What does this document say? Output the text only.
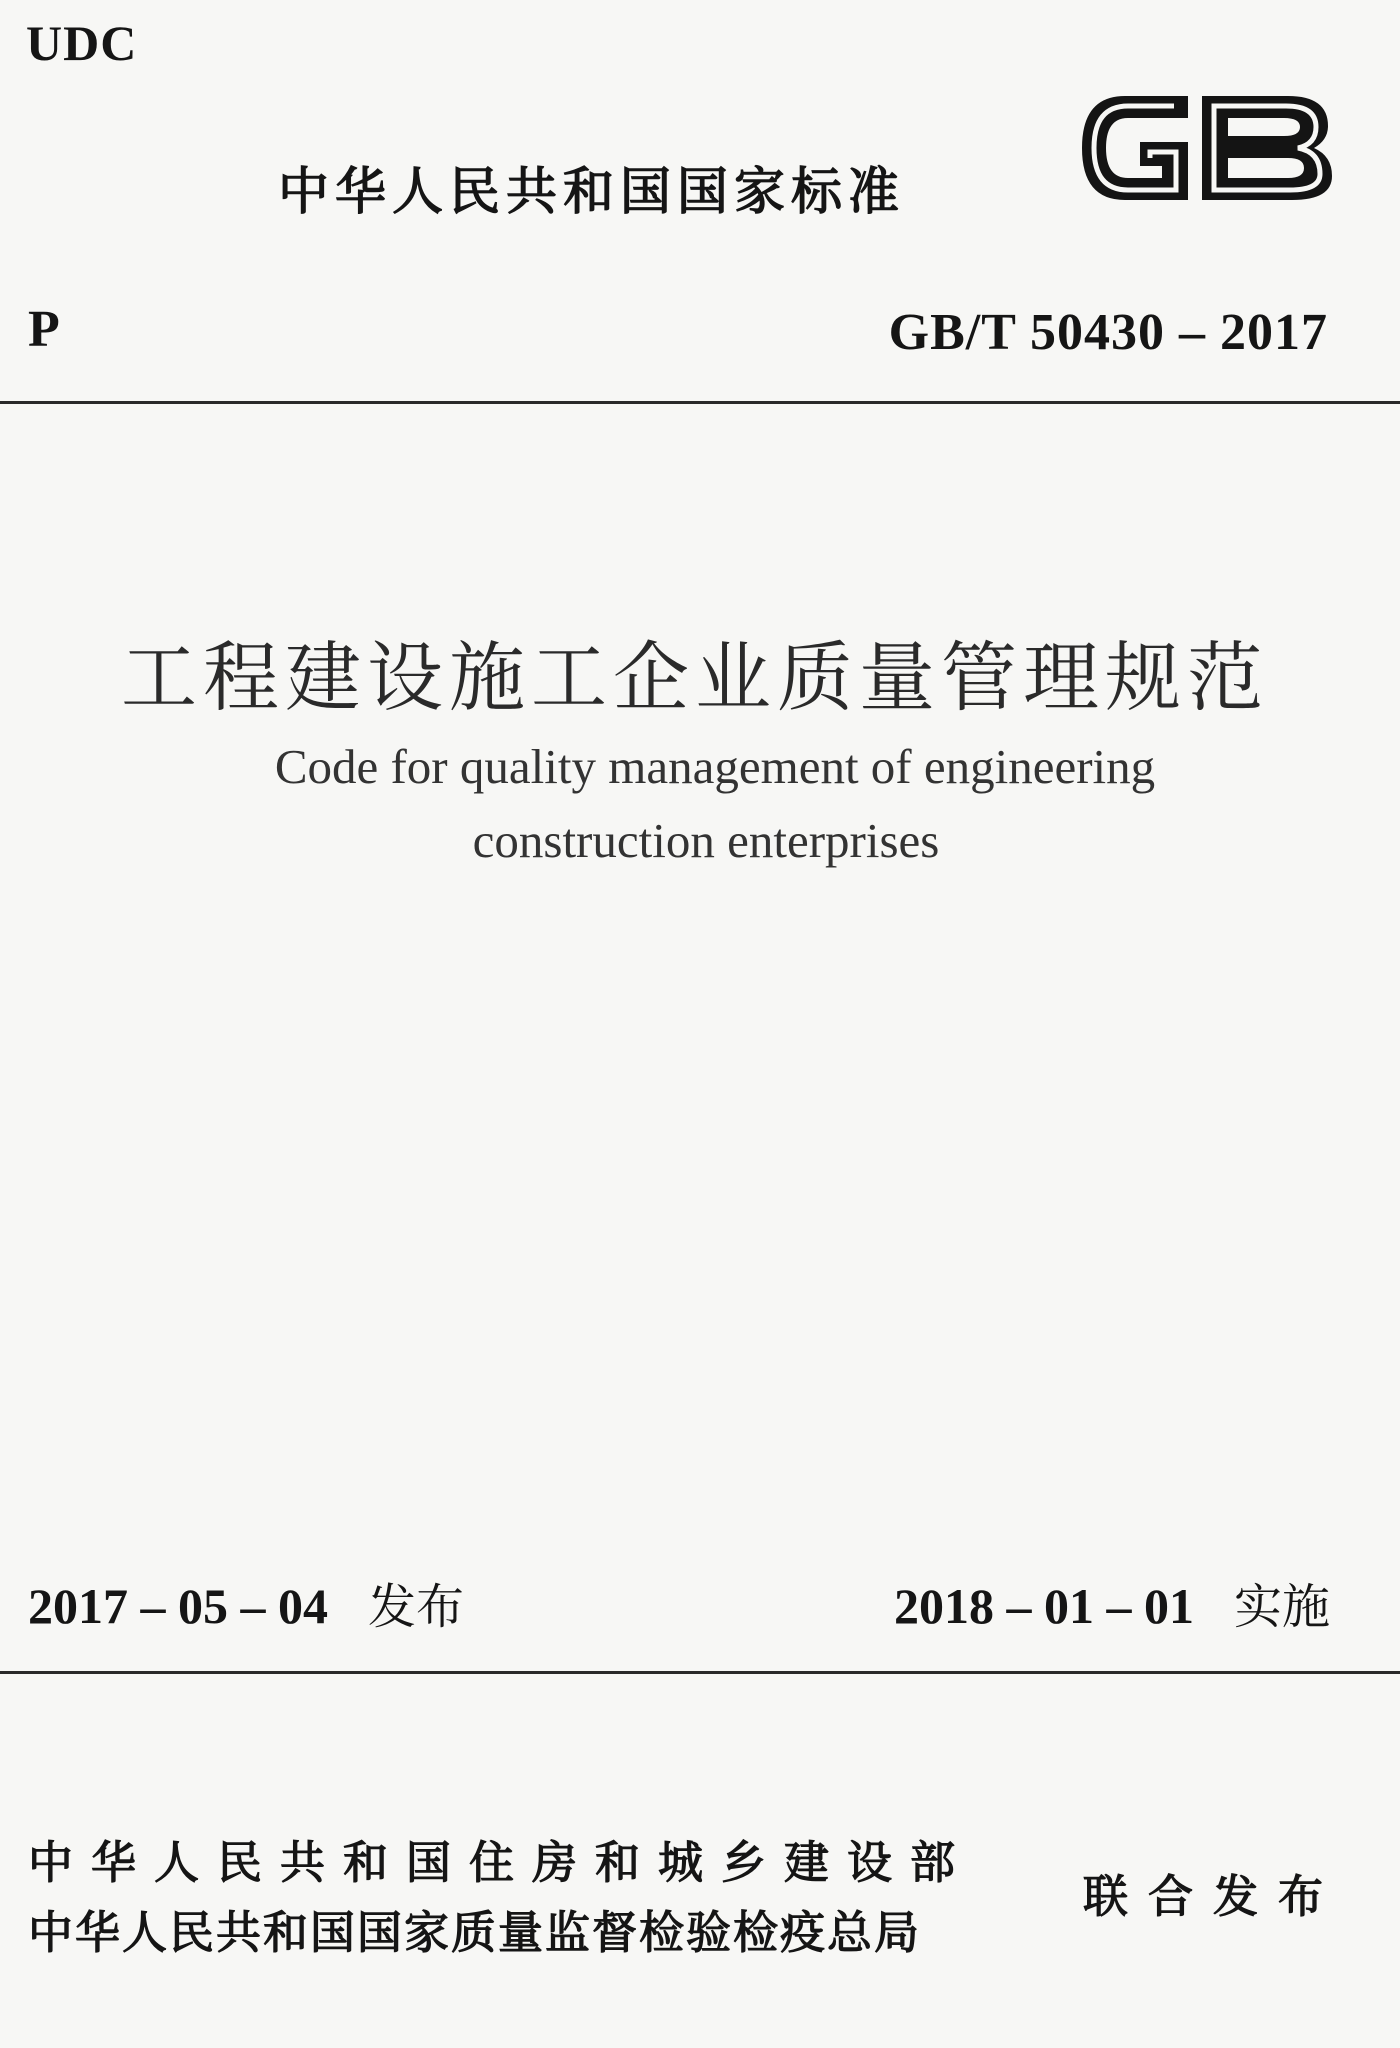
UDC
中华人民共和国国家标准
P	GB/T 50430 – 2017
工程建设施工企业质量管理规范
Code for quality management of engineering
construction enterprises
2017 – 05 – 04 发布	2018 – 01 – 01 实施
中华人民共和国住房和城乡建设部
中华人民共和国国家质量监督检验检疫总局
联合发布
